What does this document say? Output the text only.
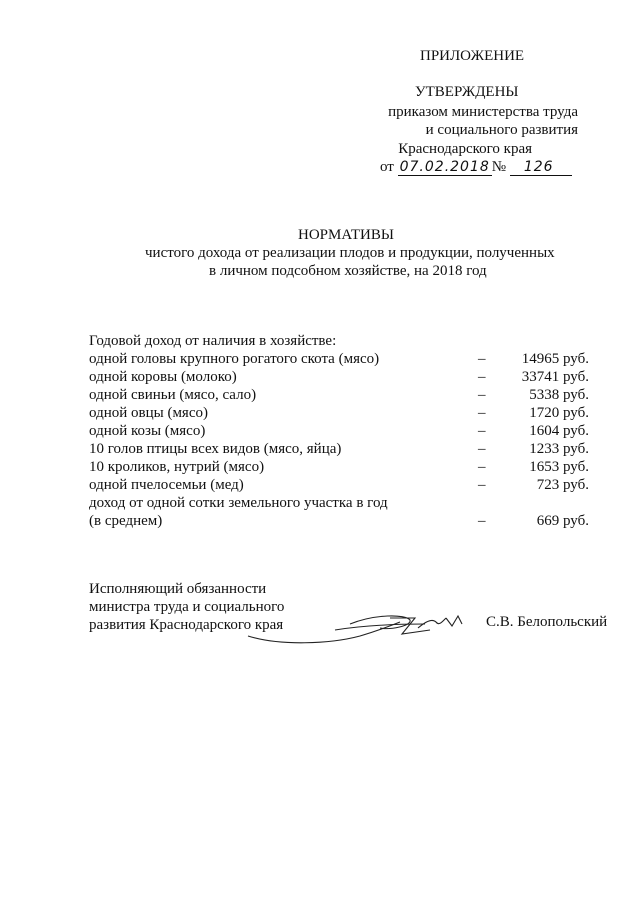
ПРИЛОЖЕНИЕ
УТВЕРЖДЕНЫ
приказом министерства труда
и социального развития
Краснодарского края
от 07.02.2018 № 126
НОРМАТИВЫ
чистого дохода от реализации плодов и продукции, полученных
в личном подсобном хозяйстве, на 2018 год
Годовой доход от наличия в хозяйстве:
одной головы крупного рогатого скота (мясо)	– 14965 руб.
одной коровы (молоко)	– 33741 руб.
одной свиньи (мясо, сало)	–	5338 руб.
одной овцы (мясо)	–	1720 руб.
одной козы (мясо)	–	1604 руб.
10 голов птицы всех видов (мясо, яйца)	–	1233 руб.
10 кроликов, нутрий (мясо)	–	1653 руб.
одной пчелосемьи (мед)	–	723 руб.
доход от одной сотки земельного участка в год
(в среднем)	–	669 руб.
Исполняющий обязанности
министра труда и социального
развития Краснодарского края	С.В. Белопольский
